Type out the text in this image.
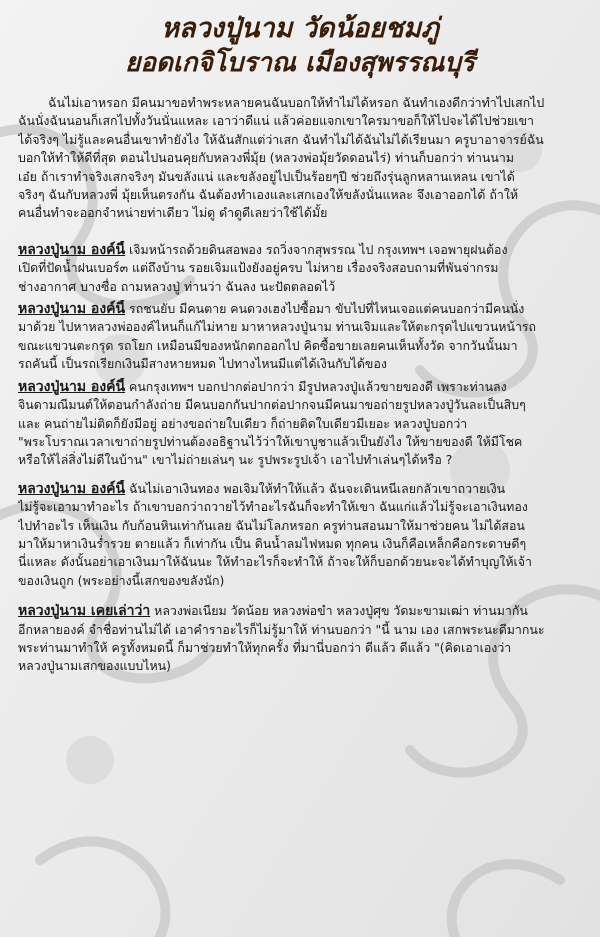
หลวงปู่นาม วัดน้อยชมภู่
ยอดเกจิโบราณ เมืองสุพรรณบุรี
ฉันไม่เอาหรอก มีคนมาขอทำพระหลายคนฉันบอกให้ทำไม่ได้หรอก ฉันทำเองดีกว่าทำไปเสกไป
ฉันนั่งฉันนอนก็เสกไปทั้งวันนั่นแหละ เอาว่าดีแน่ แล้วค่อยแจกเขาใครมาขอก็ให้ไปจะได้ไปช่วยเขา
ได้จริงๆ ไม่รู้และคนอื่นเขาทำยังไง ให้ฉันสักแต่ว่าเสก ฉันทำไม่ได้ฉันไม่ได้เรียนมา ครูบาอาจารย์ฉัน
บอกให้ทำให้ดีที่สุด ตอนไปนอนคุยกับหลวงพี่มุ้ย (หลวงพ่อมุ้ยวัดดอนไร่) ท่านก็บอกว่า ท่านนาม
เอ๋ย ถ้าเราทำจริงเสกจริงๆ มันขลังแน่ และขลังอยู่ไปเป็นร้อยๆปี ช่วยถึงรุ่นลูกหลานเหลน เขาได้
จริงๆ ฉันกับหลวงพี่ มุ้ยเห็นตรงกัน ฉันต้องทำเองและเสกเองให้ขลังนั่นแหละ จึงเอาออกได้ ถ้าให้
คนอื่นทำจะออกจำหน่ายท่าเดียว ไม่ดู ดำดูดีเลยว่าใช้ได้มั้ย
หลวงปู่นาม องค์นี้ เจิมหน้ารถด้วยดินสอพอง รถวิ่งจากสุพรรณ ไป กรุงเทพฯ เจอพายุฝนต้อง
เปิดที่ปัดน้ำฝนเบอร์๓ แต่ถึงบ้าน รอยเจิมแป้งยังอยู่ครบ ไม่หาย เรื่องจริงสอบถามที่พันจ่ากรม
ช่างอากาศ บางซื่อ ถามหลวงปู่ ท่านว่า ฉันลง นะปัดตลอดไว้
หลวงปู่นาม องค์นี้ รถชนยับ มีคนตาย คนดวงเฮงไปซื้อมา ขับไปที่ไหนเจอแต่คนบอกว่ามีคนนั่ง
มาด้วย ไปหาหลวงพ่อองค์ไหนก็แก้ไม่หาย มาหาหลวงปู่นาม ท่านเจิมและให้ตะกรุดไปแขวนหน้ารถ
ขณะแขวนตะกรุด รถโยก เหมือนมีของหนักตกออกไป คิดซื้อขายเลยคนเห็นทั้งวัด จากวันนั้นมา
รถคันนี้ เป็นรถเรียกเงินมีสางหายหมด ไปทางไหนมีแต่ได้เงินกับได้ของ
หลวงปู่นาม องค์นี้ คนกรุงเทพฯ บอกปากต่อปากว่า มีรูปหลวงปู่แล้วขายของดี เพราะท่านลง
จินดามณีมนต์ให้ตอนกำลังถ่าย มีคนบอกกันปากต่อปากจนมีคนมาขอถ่ายรูปหลวงปู่วันละเป็นสิบๆ
และ คนถ่ายไม่ติดก็ยังมีอยู่ อย่างขอถ่ายใบเดียว ก็ถ่ายติดใบเดียวมีเยอะ หลวงปู่บอกว่า
"พระโบราณเวลาเขาถ่ายรูปท่านต้องอธิฐานไว้ว่าให้เขาบูชาแล้วเป็นยังไง ให้ขายของดี ให้มีโชค
หรือให้ไล่สิ่งไม่ดีในบ้าน" เขาไม่ถ่ายเล่นๆ นะ รูปพระรูปเจ้า เอาไปทำเล่นๆได้หรือ ?
หลวงปู่นาม องค์นี้ ฉันไม่เอาเงินทอง พอเจิมให้ทำให้แล้ว ฉันจะเดินหนีเลยกลัวเขาถวายเงิน
ไม่รู้จะเอามาทำอะไร ถ้าเขาบอกว่าถวายไว้ทำอะไรฉันก็จะทำให้เขา ฉันแก่แล้วไม่รู้จะเอาเงินทอง
ไปทำอะไร เห็นเงิน กับก้อนหินเท่ากันเลย ฉันไม่โลภหรอก ครูท่านสอนมาให้มาช่วยคน ไม่ได้สอน
มาให้มาหาเงินร่ำรวย ตายแล้ว ก็เท่ากัน เป็น ดินน้ำลมไฟหมด ทุกคน เงินก็คือเหล็กคือกระดาษดีๆ
นี่แหละ ดังนั้นอย่าเอาเงินมาให้ฉันนะ ให้ทำอะไรก็จะทำให้ ถ้าจะให้ก็บอกด้วยนะจะได้ทำบุญให้เจ้า
ของเงินถูก (พระอย่างนี้เสกของขลังนัก)
หลวงปู่นาม เคยเล่าว่า หลวงพ่อเนียม วัดน้อย หลวงพ่อขำ หลวงปู่ศุข วัดมะขามเฒ่า ท่านมากัน
อีกหลายองค์ จำชื่อท่านไม่ได้ เอาคำราอะไรก็ไม่รู้มาให้ ท่านบอกว่า "นี้ นาม เอง เสกพระนะดีมากนะ
พระท่านมาทำให้ ครูทั้งหมดนี้ ก็มาช่วยทำให้ทุกครั้ง ที่มานี่บอกว่า ดีแล้ว ดีแล้ว "(คิดเอาเองว่า
หลวงปู่นามเสกของแบบไหน)
